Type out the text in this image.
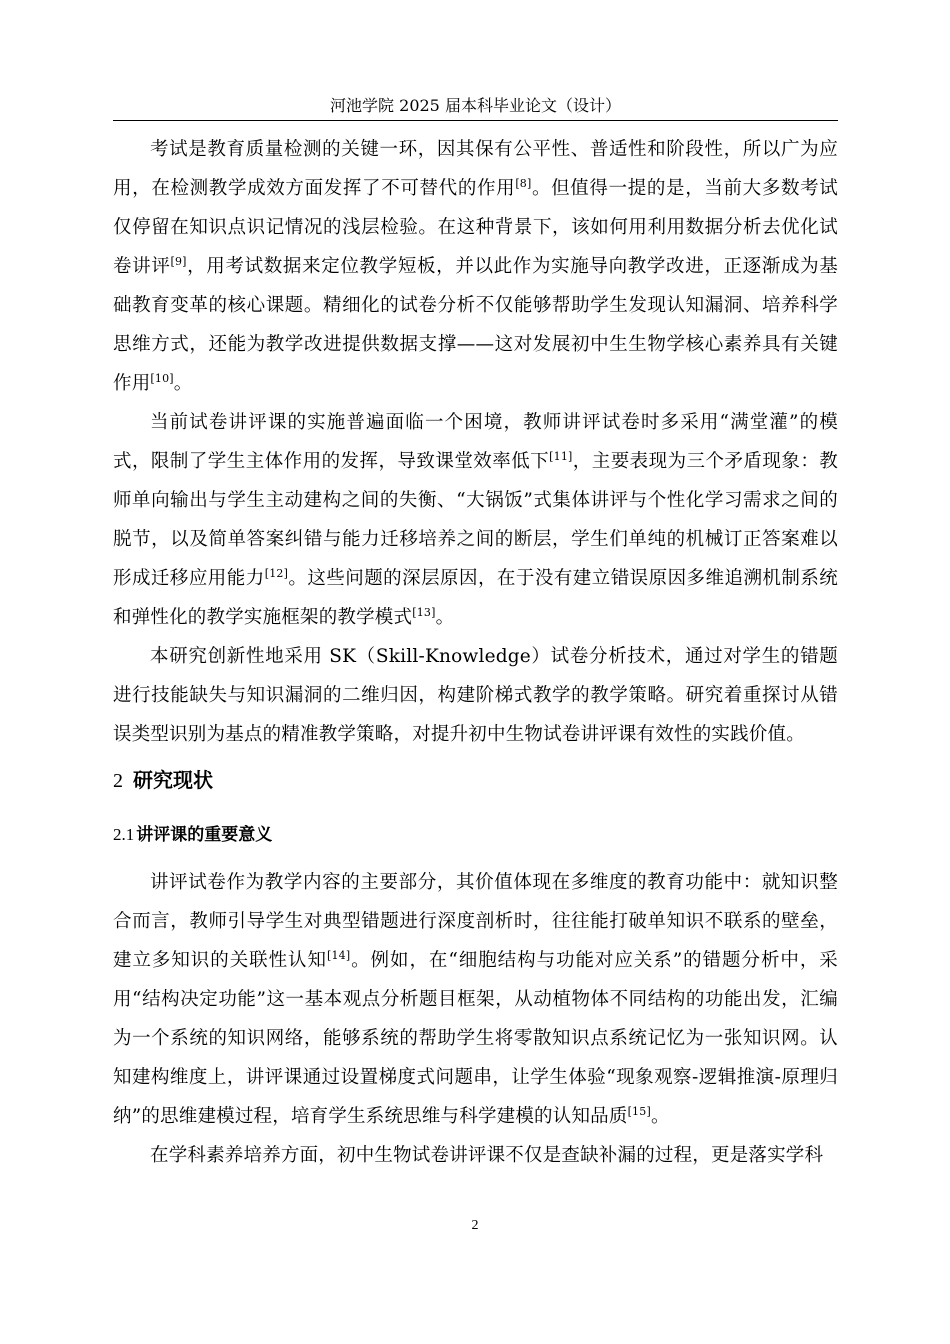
河池学院 2025 届本科毕业论文（设计）

考试是教育质量检测的关键一环，因其保有公平性、普适性和阶段性，所以广为应用，在检测教学成效方面发挥了不可替代的作用[8]。但值得一提的是，当前大多数考试仅停留在知识点识记情况的浅层检验。在这种背景下，该如何用利用数据分析去优化试卷讲评[9]，用考试数据来定位教学短板，并以此作为实施导向教学改进，正逐渐成为基础教育变革的核心课题。精细化的试卷分析不仅能够帮助学生发现认知漏洞、培养科学思维方式，还能为教学改进提供数据支撑——这对发展初中生生物学核心素养具有关键作用[10]。

当前试卷讲评课的实施普遍面临一个困境，教师讲评试卷时多采用“满堂灌”的模式，限制了学生主体作用的发挥，导致课堂效率低下[11]，主要表现为三个矛盾现象：教师单向输出与学生主动建构之间的失衡、“大锅饭”式集体讲评与个性化学习需求之间的脱节，以及简单答案纠错与能力迁移培养之间的断层，学生们单纯的机械订正答案难以形成迁移应用能力[12]。这些问题的深层原因，在于没有建立错误原因多维追溯机制系统和弹性化的教学实施框架的教学模式[13]。

本研究创新性地采用 SK（Skill-Knowledge）试卷分析技术，通过对学生的错题进行技能缺失与知识漏洞的二维归因，构建阶梯式教学的教学策略。研究着重探讨从错误类型识别为基点的精准教学策略，对提升初中生物试卷讲评课有效性的实践价值。

2 研究现状
2.1 讲评课的重要意义

讲评试卷作为教学内容的主要部分，其价值体现在多维度的教育功能中：就知识整合而言，教师引导学生对典型错题进行深度剖析时，往往能打破单知识不联系的壁垒，建立多知识的关联性认知[14]。例如，在“细胞结构与功能对应关系”的错题分析中，采用“结构决定功能”这一基本观点分析题目框架，从动植物体不同结构的功能出发，汇编为一个系统的知识网络，能够系统的帮助学生将零散知识点系统记忆为一张知识网。认知建构维度上，讲评课通过设置梯度式问题串，让学生体验“现象观察-逻辑推演-原理归纳”的思维建模过程，培育学生系统思维与科学建模的认知品质[15]。

在学科素养培养方面，初中生物试卷讲评课不仅是查缺补漏的过程，更是落实学科

2
